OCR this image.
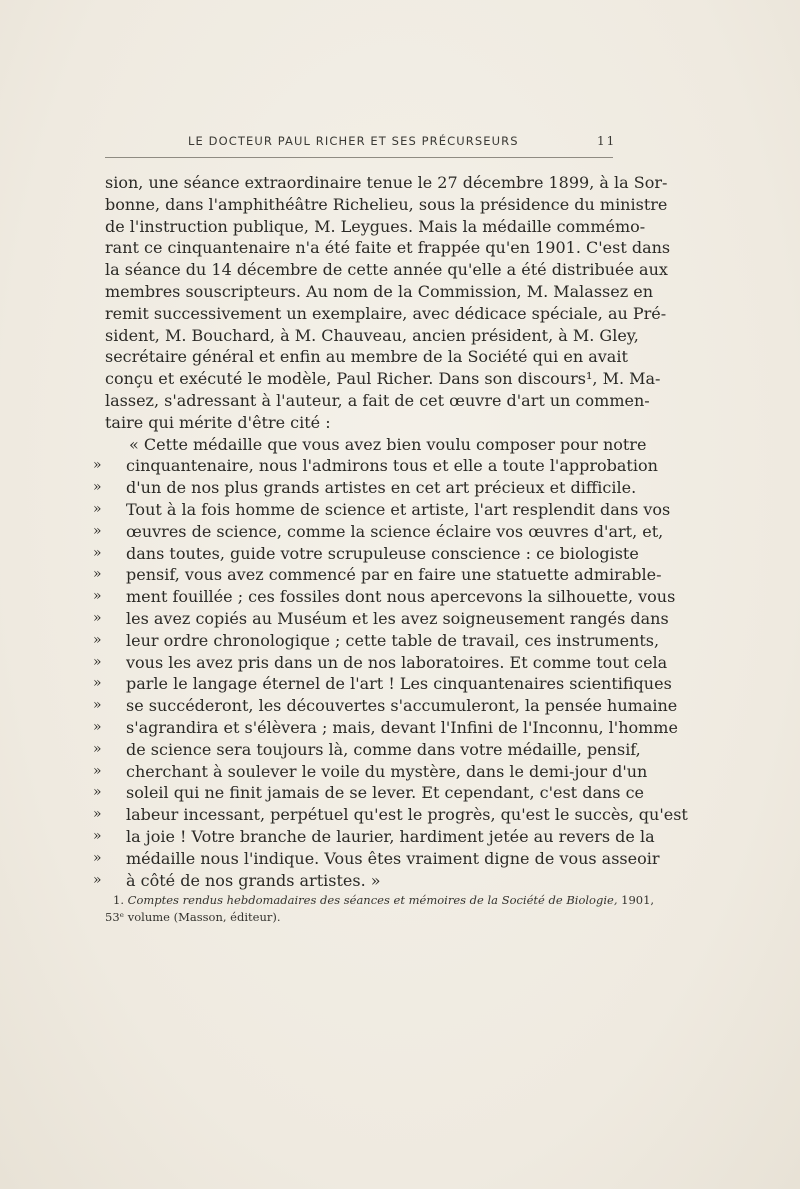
LE DOCTEUR PAUL RICHER ET SES PRÉCURSEURS	11
sion, une séance extraordinaire tenue le 27 décembre 1899, à la Sor-
bonne, dans l'amphithéâtre Richelieu, sous la présidence du ministre
de l'instruction publique, M. Leygues. Mais la médaille commémo-
rant ce cinquantenaire n'a été faite et frappée qu'en 1901. C'est dans
la séance du 14 décembre de cette année qu'elle a été distribuée aux
membres souscripteurs. Au nom de la Commission, M. Malassez en
remit successivement un exemplaire, avec dédicace spéciale, au Pré-
sident, M. Bouchard, à M. Chauveau, ancien président, à M. Gley,
secrétaire général et enfin au membre de la Société qui en avait
conçu et exécuté le modèle, Paul Richer. Dans son discours¹, M. Ma-
lassez, s'adressant à l'auteur, a fait de cet œuvre d'art un commen-
taire qui mérite d'être cité :
« Cette médaille que vous avez bien voulu composer pour notre
» cinquantenaire, nous l'admirons tous et elle a toute l'approbation
» d'un de nos plus grands artistes en cet art précieux et difficile.
» Tout à la fois homme de science et artiste, l'art resplendit dans vos
» œuvres de science, comme la science éclaire vos œuvres d'art, et,
» dans toutes, guide votre scrupuleuse conscience : ce biologiste
» pensif, vous avez commencé par en faire une statuette admirable-
» ment fouillée ; ces fossiles dont nous apercevons la silhouette, vous
» les avez copiés au Muséum et les avez soigneusement rangés dans
» leur ordre chronologique ; cette table de travail, ces instruments,
» vous les avez pris dans un de nos laboratoires. Et comme tout cela
» parle le langage éternel de l'art ! Les cinquantenaires scientifiques
» se succéderont, les découvertes s'accumuleront, la pensée humaine
» s'agrandira et s'élèvera ; mais, devant l'Infini de l'Inconnu, l'homme
» de science sera toujours là, comme dans votre médaille, pensif,
» cherchant à soulever le voile du mystère, dans le demi-jour d'un
» soleil qui ne finit jamais de se lever. Et cependant, c'est dans ce
» labeur incessant, perpétuel qu'est le progrès, qu'est le succès, qu'est
» la joie ! Votre branche de laurier, hardiment jetée au revers de la
» médaille nous l'indique. Vous êtes vraiment digne de vous asseoir
» à côté de nos grands artistes. »
1. Comptes rendus hebdomadaires des séances et mémoires de la Société de Biologie, 1901,
53ᵉ volume (Masson, éditeur).
